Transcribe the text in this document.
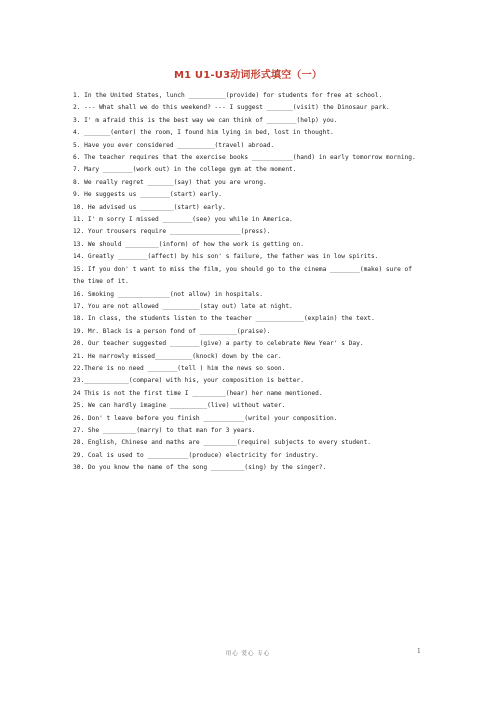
M1 U1-U3动词形式填空（一）
1. In the United States, lunch __________(provide) for students for free at school.
2. --- What shall we do this weekend? --- I suggest _______(visit) the Dinosaur park.
3. I' m afraid this is the best way we can think of ________(help) you.
4. _______(enter) the room, I found him lying in bed, lost in thought.
5. Have you ever considered __________(travel) abroad.
6. The teacher requires that the exercise books ___________(hand) in early tomorrow morning.
7. Mary ________(work out) in the college gym at the moment.
8. We really regret _______(say) that you are wrong.
9. He suggests us ________(start) early.
10. He advised us _________(start) early.
11. I' m sorry I missed ________(see) you while in America.
12. Your trousers require ___________________(press).
13. We should _________(inform) of how the work is getting on.
14. Greatly ________(affect) by his son' s failure, the father was in low spirits.
15. If you don' t want to miss the film, you should go to the cinema ________(make) sure of the time of it.
16. Smoking ______________(not allow) in hospitals.
17. You are not allowed __________(stay out) late at night.
18. In class, the students listen to the teacher _____________(explain) the text.
19. Mr. Black is a person fond of __________(praise).
20. Our teacher suggested ________(give) a party to celebrate New Year' s Day.
21. He narrowly missed__________(knock) down by the car.
22.There is no need ________(tell ) him the news so soon.
23.____________(compare) with his, your composition is better.
24 This is not the first time I _________(hear) her name mentioned.
25. We can hardly imagine __________(live) without water.
26. Don' t leave before you finish ___________(write) your composition.
27. She _________(marry) to that man for 3 years.
28. English, Chinese and maths are _________(require) subjects to every student.
29. Coal is used to ___________(produce) electricity for industry.
30. Do you know the name of the song _________(sing) by the singer?.
用心 爱心 专心	1
